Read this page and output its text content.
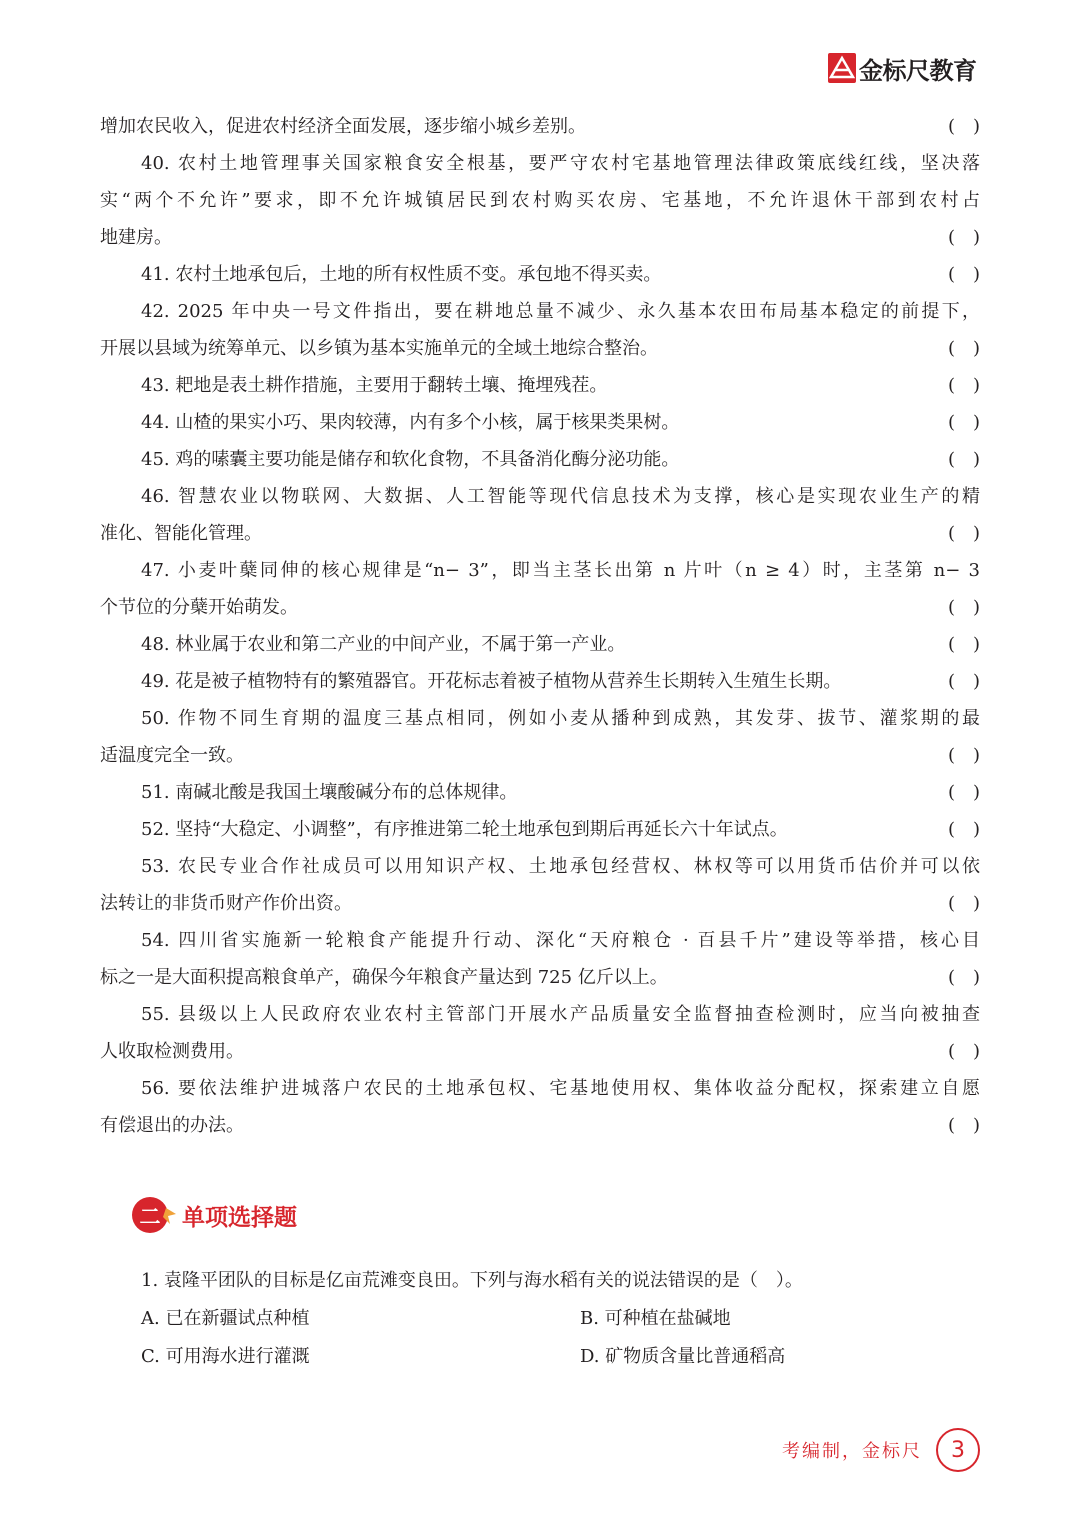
金标尺教育
增加农民收入，促进农村经济全面发展，逐步缩小城乡差别。	(　)
40. 农村土地管理事关国家粮食安全根基，要严守农村宅基地管理法律政策底线红线，坚决落
实“两个不允许”要求，即不允许城镇居民到农村购买农房、宅基地，不允许退休干部到农村占
地建房。	(　)
41. 农村土地承包后，土地的所有权性质不变。承包地不得买卖。	(　)
42. 2025 年中央一号文件指出，要在耕地总量不减少、永久基本农田布局基本稳定的前提下，
开展以县域为统筹单元、以乡镇为基本实施单元的全域土地综合整治。	(　)
43. 耙地是表土耕作措施，主要用于翻转土壤、掩埋残茬。	(　)
44. 山楂的果实小巧、果肉较薄，内有多个小核，属于核果类果树。	(　)
45. 鸡的嗉囊主要功能是储存和软化食物，不具备消化酶分泌功能。	(　)
46. 智慧农业以物联网、大数据、人工智能等现代信息技术为支撑，核心是实现农业生产的精
准化、智能化管理。	(　)
47. 小麦叶蘖同伸的核心规律是“n− 3”，即当主茎长出第 n 片叶（n ≥ 4）时，主茎第 n− 3
个节位的分蘖开始萌发。	(　)
48. 林业属于农业和第二产业的中间产业，不属于第一产业。	(　)
49. 花是被子植物特有的繁殖器官。开花标志着被子植物从营养生长期转入生殖生长期。	(　)
50. 作物不同生育期的温度三基点相同，例如小麦从播种到成熟，其发芽、拔节、灌浆期的最
适温度完全一致。	(　)
51. 南碱北酸是我国土壤酸碱分布的总体规律。	(　)
52. 坚持“大稳定、小调整”，有序推进第二轮土地承包到期后再延长六十年试点。	(　)
53. 农民专业合作社成员可以用知识产权、土地承包经营权、林权等可以用货币估价并可以依
法转让的非货币财产作价出资。	(　)
54. 四川省实施新一轮粮食产能提升行动、深化“天府粮仓 · 百县千片”建设等举措，核心目
标之一是大面积提高粮食单产，确保今年粮食产量达到 725 亿斤以上。	(　)
55. 县级以上人民政府农业农村主管部门开展水产品质量安全监督抽查检测时，应当向被抽查
人收取检测费用。	(　)
56. 要依法维护进城落户农民的土地承包权、宅基地使用权、集体收益分配权，探索建立自愿
有偿退出的办法。	(　)
二 单项选择题
1. 袁隆平团队的目标是亿亩荒滩变良田。下列与海水稻有关的说法错误的是（　）。
A. 已在新疆试点种植	B. 可种植在盐碱地
C. 可用海水进行灌溉	D. 矿物质含量比普通稻高
考编制，金标尺 3
